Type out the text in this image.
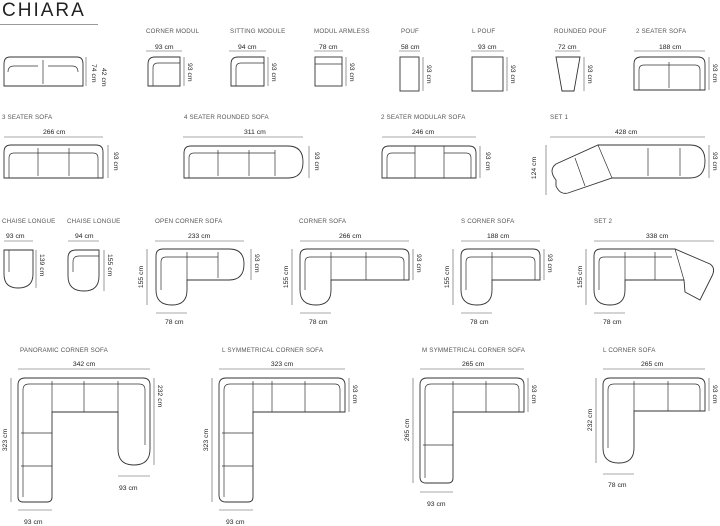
CHIARA
74 cm 42 cm
CORNER MODUL
93 cm
93 cm
SITTING MODULE
94 cm
93 cm
MODUL ARMLESS
78 cm
93 cm
POUF
58 cm
93 cm
L POUF
93 cm
93 cm
ROUNDED POUF
72 cm
93 cm
2 SEATER SOFA
188 cm
93 cm
3 SEATER SOFA
266 cm
93 cm
4 SEATER ROUNDED SOFA
311 cm
93 cm
2 SEATER MODULAR SOFA
246 cm
93 cm
SET 1
428 cm
124 cm	93 cm
CHAISE LONGUE
93 cm
139 cm
CHAISE LONGUE
94 cm
155 cm
OPEN CORNER SOFA
233 cm
93 cm
155 cm
78 cm
CORNER SOFA
266 cm
93 cm
155 cm
78 cm
S CORNER SOFA
188 cm
93 cm
155 cm
78 cm
SET 2
338 cm
155 cm
78 cm
PANORAMIC CORNER SOFA
342 cm
323 cm
232 cm
93 cm
93 cm
L SYMMETRICAL CORNER SOFA
323 cm
323 cm
93 cm
93 cm
M SYMMETRICAL CORNER SOFA
265 cm
265 cm
93 cm
93 cm
L CORNER SOFA
265 cm
232 cm
93 cm
78 cm
